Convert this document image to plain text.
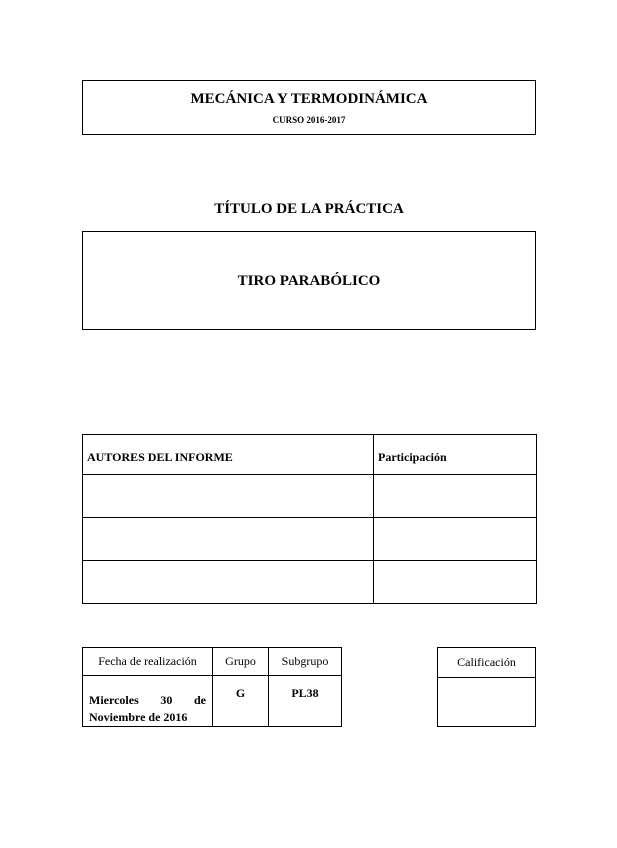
MECÁNICA Y TERMODINÁMICA
CURSO 2016-2017
TÍTULO DE LA PRÁCTICA
TIRO PARABÓLICO
AUTORES DEL INFORME	Participación

Fecha de realización	Grupo	Subgrupo

Miercoles 30 de
Noviembre de 2016	G	PL38
Calificación
